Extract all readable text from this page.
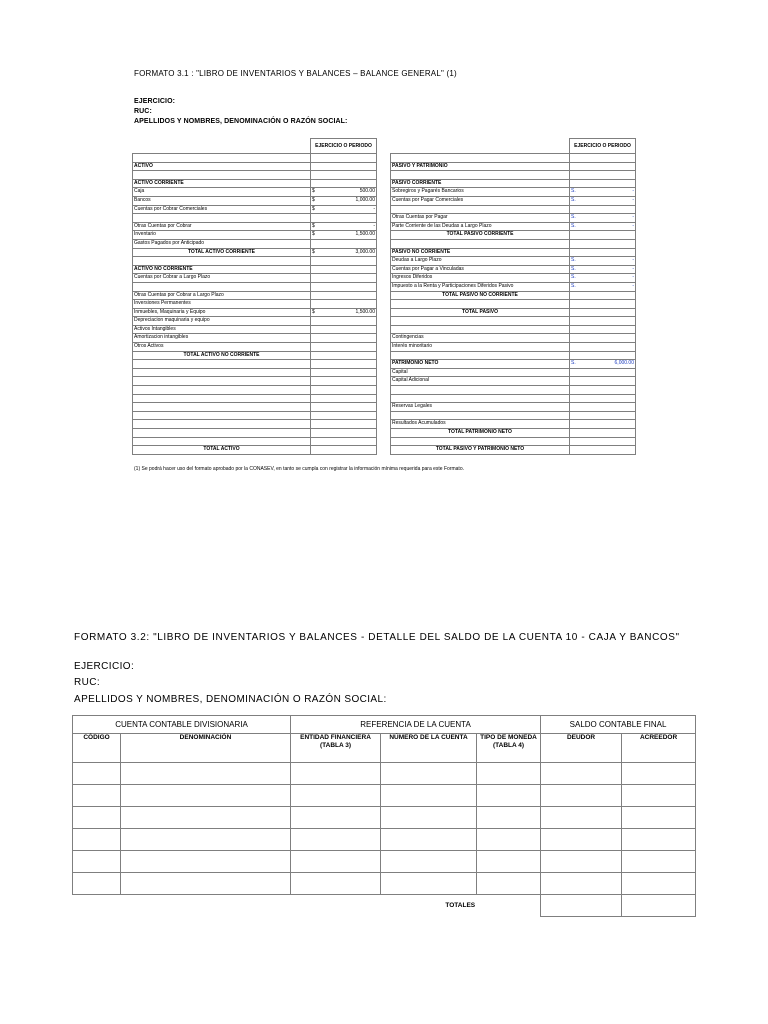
FORMATO 3.1 : "LIBRO DE INVENTARIOS Y BALANCES – BALANCE GENERAL" (1)
EJERCICIO:
RUC:
APELLIDOS Y NOMBRES, DENOMINACIÓN O RAZÓN SOCIAL:
	EJERCICIO O PERIODO

ACTIVO	

ACTIVO CORRIENTE	

Caja	$ 500.00

Bancos	$ 1,000.00

Cuentas por Cobrar Comerciales	$ -

Otras Cuentas por Cobrar	$ -

Inventario	$ 1,500.00

Gastos Pagados por Anticipado	

TOTAL ACTIVO CORRIENTE	$ 3,000.00

ACTIVO NO CORRIENTE	

Cuentas por Cobrar a Largo Plazo	

Otras Cuentas por Cobrar a Largo Plazo	

Inversiones Permanentes	

Inmuebles, Maquinaria y Equipo	$ 1,500.00

Depreciacion maquinaria y equipo	

Activos Intangibles	

Amortizacion intangibles	

Otros Activos	

TOTAL ACTIVO NO CORRIENTE	

TOTAL ACTIVO	
	EJERCICIO O PERIODO

PASIVO Y PATRIMONIO	

PASIVO CORRIENTE	

Sobregiros y Pagarés Bancarios	S. -

Cuentas por Pagar Comerciales	S. -

Otras Cuentas por Pagar	S. -

Parte Corriente de las Deudas a Largo Plazo	S. -

TOTAL PASIVO CORRIENTE	

PASIVO NO CORRIENTE	

Deudas a Largo Plazo	S. -

Cuentas por Pagar a Vinculadas	S. -

Ingresos Diferidos	S. -

Impuesto a la Renta y Participaciones Diferidos Pasivo	S. -

TOTAL PASIVO NO CORRIENTE	

TOTAL PASIVO	

Contingencias	

Interés minoritario	

PATRIMONIO NETO	S. 6,000.00

Capital	

Capital Adicional	

Reservas Legales	

Resultados Acumulados	

TOTAL PATRIMONIO NETO	

TOTAL PASIVO Y PATRIMONIO NETO	
(1) Se podrá hacer uso del formato aprobado por la CONASEV, en tanto se cumpla con registrar la información mínima requerida para este Formato.
FORMATO 3.2: "LIBRO DE INVENTARIOS Y BALANCES - DETALLE DEL SALDO DE LA CUENTA 10 - CAJA Y BANCOS"
EJERCICIO:
RUC:
APELLIDOS Y NOMBRES, DENOMINACIÓN O RAZÓN SOCIAL:
CUENTA CONTABLE DIVISIONARIA		REFERENCIA DE LA CUENTA			SALDO CONTABLE FINAL	
CÓDIGO	DENOMINACIÓN	ENTIDAD FINANCIERA (TABLA 3)	NÚMERO DE LA CUENTA	TIPO DE MONEDA (TABLA 4)	DEUDOR	ACREEDOR

			TOTALES			
